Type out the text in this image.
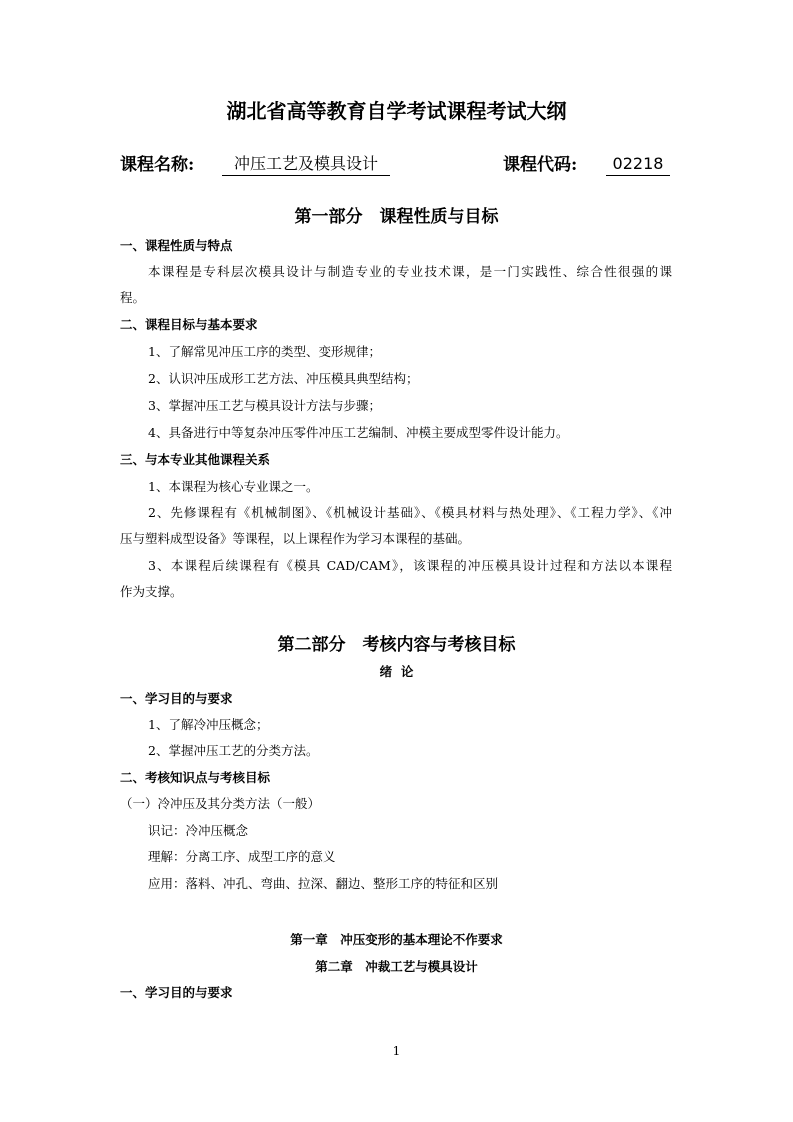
湖北省高等教育自学考试课程考试大纲
课程名称:	冲压工艺及模具设计	课程代码:	02218
第一部分　课程性质与目标
一、课程性质与特点
本课程是专科层次模具设计与制造专业的专业技术课，是一门实践性、综合性很强的课
程。
二、课程目标与基本要求
1、了解常见冲压工序的类型、变形规律；
2、认识冲压成形工艺方法、冲压模具典型结构；
3、掌握冲压工艺与模具设计方法与步骤；
4、具备进行中等复杂冲压零件冲压工艺编制、冲模主要成型零件设计能力。
三、与本专业其他课程关系
1、本课程为核心专业课之一。
2、先修课程有《机械制图》、《机械设计基础》、《模具材料与热处理》、《工程力学》、《冲
压与塑料成型设备》等课程，以上课程作为学习本课程的基础。
3、本课程后续课程有《模具 CAD/CAM》，该课程的冲压模具设计过程和方法以本课程
作为支撑。
第二部分　考核内容与考核目标
绪  论
一、学习目的与要求
1、了解冷冲压概念；
2、掌握冲压工艺的分类方法。
二、考核知识点与考核目标
（一）冷冲压及其分类方法（一般）
识记：冷冲压概念
理解：分离工序、成型工序的意义
应用：落料、冲孔、弯曲、拉深、翻边、整形工序的特征和区别
第一章　冲压变形的基本理论不作要求
第二章　冲裁工艺与模具设计
一、学习目的与要求
1
